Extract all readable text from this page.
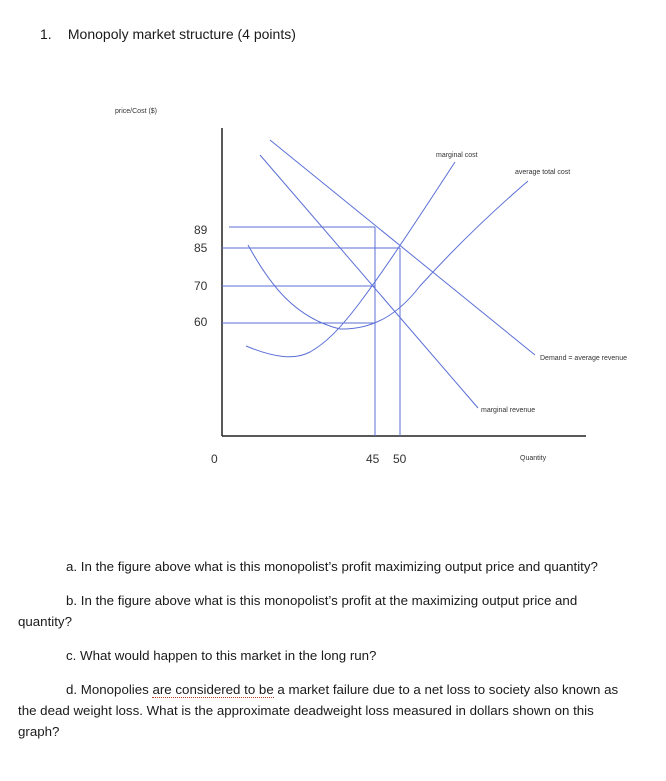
1. Monopoly market structure (4 points)
price/Cost ($)
89
85
70
60
0	45 50	Quantity
marginal cost
average total cost
Demand = average revenue
marginal revenue
a. In the figure above what is this monopolist’s profit maximizing output price and quantity?
b. In the figure above what is this monopolist’s profit at the maximizing output price and
quantity?
c. What would happen to this market in the long run?
d. Monopolies are considered to be a market failure due to a net loss to society also known as
the dead weight loss. What is the approximate deadweight loss measured in dollars shown on this
graph?
